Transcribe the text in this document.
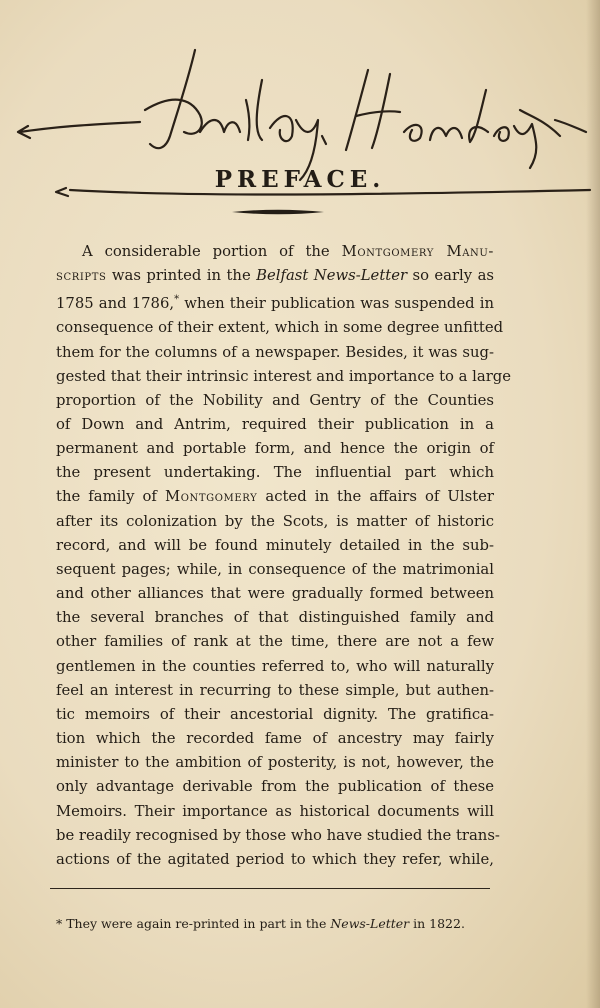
PREFACE.
A considerable portion of the Montgomery Manu-
scripts was printed in the Belfast News-Letter so early as
1785 and 1786,* when their publication was suspended in
consequence of their extent, which in some degree unfitted
them for the columns of a newspaper. Besides, it was sug-
gested that their intrinsic interest and importance to a large
proportion of the Nobility and Gentry of the Counties
of Down and Antrim, required their publication in a
permanent and portable form, and hence the origin of
the present undertaking. The influential part which
the family of Montgomery acted in the affairs of Ulster
after its colonization by the Scots, is matter of historic
record, and will be found minutely detailed in the sub-
sequent pages; while, in consequence of the matrimonial
and other alliances that were gradually formed between
the several branches of that distinguished family and
other families of rank at the time, there are not a few
gentlemen in the counties referred to, who will naturally
feel an interest in recurring to these simple, but authen-
tic memoirs of their ancestorial dignity. The gratifica-
tion which the recorded fame of ancestry may fairly
minister to the ambition of posterity, is not, however, the
only advantage derivable from the publication of these
Memoirs. Their importance as historical documents will
be readily recognised by those who have studied the trans-
actions of the agitated period to which they refer, while,

* They were again re-printed in part in the News-Letter in 1822.
